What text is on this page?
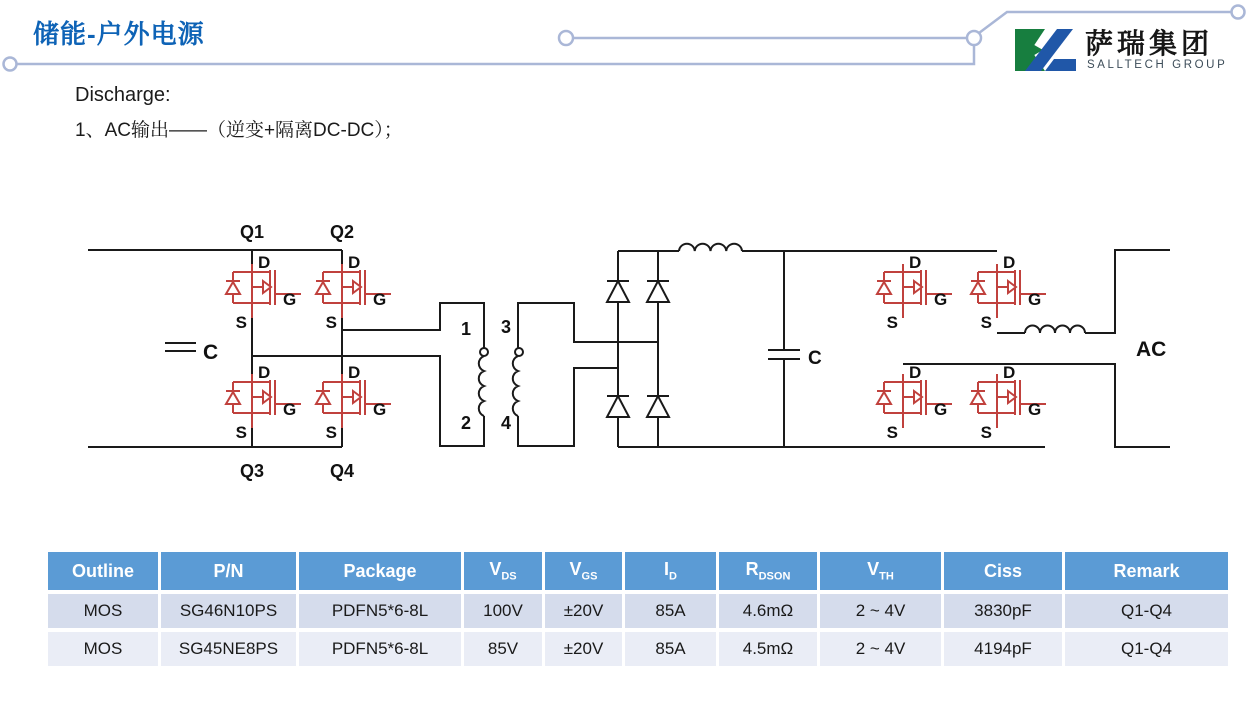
储能-户外电源	萨瑞集团
SALLTECH GROUP
Discharge:
1、AC输出——（逆变+隔离DC-DC）；
D
S
G
D
S
G
D
S
G
D
S
G
D
S
G
D
S
G
D
S
G
D
S
G
Q1	Q2
Q3	Q4
1
2
3
4
C	C	AC
Outline	P/N	Package	$V_{DS}$	$V_{GS}$	$I_D$	$R_{DSON}$	$V_{TH}$	Ciss	Remark
MOS	SG46N10PS	PDFN5*6-8L	100V	±20V	85A	4.6mΩ	2 ~ 4V	3830pF	Q1-Q4
MOS	SG45NE8PS	PDFN5*6-8L	85V	±20V	85A	4.5mΩ	2 ~ 4V	4194pF	Q1-Q4
